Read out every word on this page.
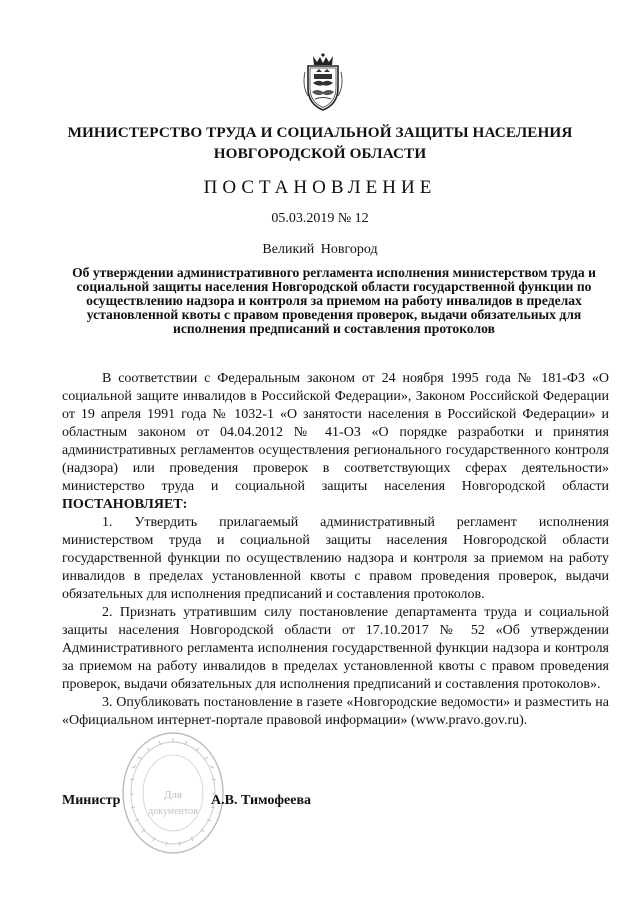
МИНИСТЕРСТВО ТРУДА И СОЦИАЛЬНОЙ ЗАЩИТЫ НАСЕЛЕНИЯ
НОВГОРОДСКОЙ ОБЛАСТИ
ПОСТАНОВЛЕНИЕ
05.03.2019 № 12
Великий Новгород
Об утверждении административного регламента исполнения министерством труда и социальной защиты населения Новгородской области государственной функции по осуществлению надзора и контроля за приемом на работу инвалидов в пределах установленной квоты с правом проведения проверок, выдачи обязательных для исполнения предписаний и составления протоколов

В соответствии с Федеральным законом от 24 ноября 1995 года № 181-ФЗ «О социальной защите инвалидов в Российской Федерации», Законом Российской Федерации от 19 апреля 1991 года № 1032-1 «О занятости населения в Российской Федерации» и областным законом от 04.04.2012 № 41-ОЗ «О порядке разработки и принятия административных регламентов осуществления регионального государственного контроля (надзора) или проведения проверок в соответствующих сферах деятельности» министерство труда и социальной защиты населения Новгородской области ПОСТАНОВЛЯЕТ:

1. Утвердить прилагаемый административный регламент исполнения министерством труда и социальной защиты населения Новгородской области государственной функции по осуществлению надзора и контроля за приемом на работу инвалидов в пределах установленной квоты с правом проведения проверок, выдачи обязательных для исполнения предписаний и составления протоколов.

2. Признать утратившим силу постановление департамента труда и социальной защиты населения Новгородской области от 17.10.2017 № 52 «Об утверждении Административного регламента исполнения государственной функции надзора и контроля за приемом на работу инвалидов в пределах установленной квоты с правом проведения проверок, выдачи обязательных для исполнения предписаний и составления протоколов».

3. Опубликовать постановление в газете «Новгородские ведомости» и разместить на «Официальном интернет-портале правовой информации» (www.pravo.gov.ru).

Для
документов
Министр	А.В. Тимофеева
